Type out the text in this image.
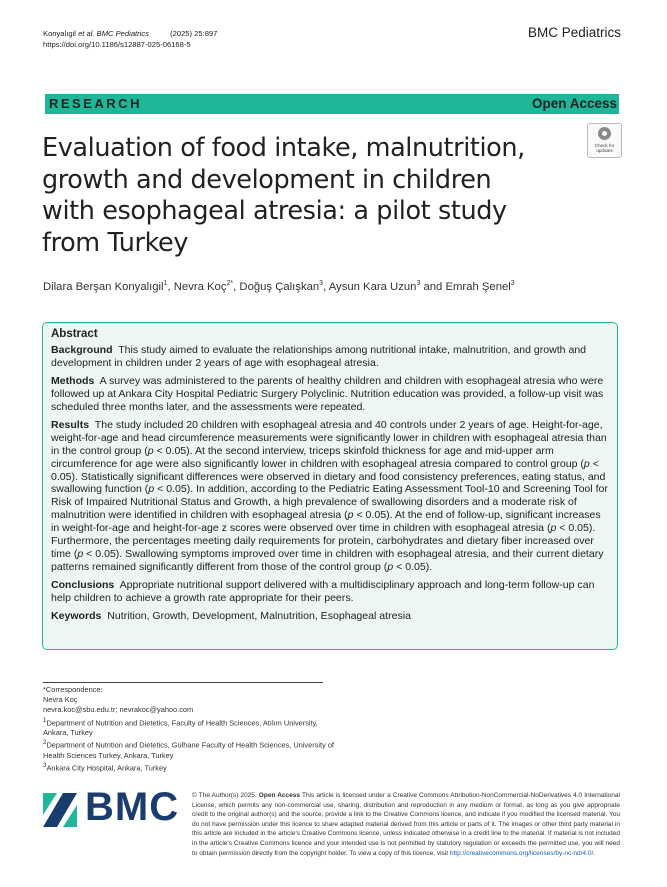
Konyalıgil et al. BMC Pediatrics	(2025) 25:897
https://doi.org/10.1186/s12887-025-06168-5
BMC Pediatrics
RESEARCH	Open Access
Check for
updates
Evaluation of food intake, malnutrition,
growth and development in children
with esophageal atresia: a pilot study
from Turkey
Dilara Berşan Konyalıgil$^1$, Nevra Koç$^{2*}$, Doğuş Çalışkan$^3$, Aysun Kara Uzun$^3$ and Emrah Şenel$^3$
Abstract

Background This study aimed to evaluate the relationships among nutritional intake, malnutrition, and growth and development in children under 2 years of age with esophageal atresia.

Methods A survey was administered to the parents of healthy children and children with esophageal atresia who were followed up at Ankara City Hospital Pediatric Surgery Polyclinic. Nutrition education was provided, a follow-up visit was scheduled three months later, and the assessments were repeated.

Results The study included 20 children with esophageal atresia and 40 controls under 2 years of age. Height-for-age, weight-for-age and head circumference measurements were significantly lower in children with esophageal atresia than in the control group (p < 0.05). At the second interview, triceps skinfold thickness for age and mid-upper arm circumference for age were also significantly lower in children with esophageal atresia compared to control group (p < 0.05). Statistically significant differences were observed in dietary and food consistency preferences, eating status, and swallowing function (p < 0.05). In addition, according to the Pediatric Eating Assessment Tool-10 and Screening Tool for Risk of Impaired Nutritional Status and Growth, a high prevalence of swallowing disorders and a moderate risk of malnutrition were identified in children with esophageal atresia (p < 0.05). At the end of follow-up, significant increases in weight-for-age and height-for-age z scores were observed over time in children with esophageal atresia (p < 0.05). Furthermore, the percentages meeting daily requirements for protein, carbohydrates and dietary fiber increased over time (p < 0.05). Swallowing symptoms improved over time in children with esophageal atresia, and their current dietary patterns remained significantly different from those of the control group (p < 0.05).

Conclusions Appropriate nutritional support delivered with a multidisciplinary approach and long-term follow-up can help children to achieve a growth rate appropriate for their peers.

Keywords Nutrition, Growth, Development, Malnutrition, Esophageal atresia

*Correspondence:

Nevra Koç

nevra.koc@sbu.edu.tr; nevrakoc@yahoo.com

$^1$Department of Nutrition and Dietetics, Faculty of Health Sciences, Atılım University, Ankara, Turkey

$^2$Department of Nutrition and Dietetics, Gülhane Faculty of Health Sciences, University of Health Sciences Turkey, Ankara, Turkey

$^3$Ankara City Hospital, Ankara, Turkey

BMC © The Author(s) 2025. Open Access This article is licensed under a Creative Commons Attribution-NonCommercial-NoDerivatives 4.0 International License, which permits any non-commercial use, sharing, distribution and reproduction in any medium or format, as long as you give appropriate credit to the original author(s) and the source, provide a link to the Creative Commons licence, and indicate if you modified the licensed material. You do not have permission under this licence to share adapted material derived from this article or parts of it. The images or other third party material in this article are included in the article's Creative Commons licence, unless indicated otherwise in a credit line to the material. If material is not included in the article's Creative Commons licence and your intended use is not permitted by statutory regulation or exceeds the permitted use, you will need to obtain permission directly from the copyright holder. To view a copy of this licence, visit http://creativecommons.org/licenses/by-nc-nd/4.0/.
